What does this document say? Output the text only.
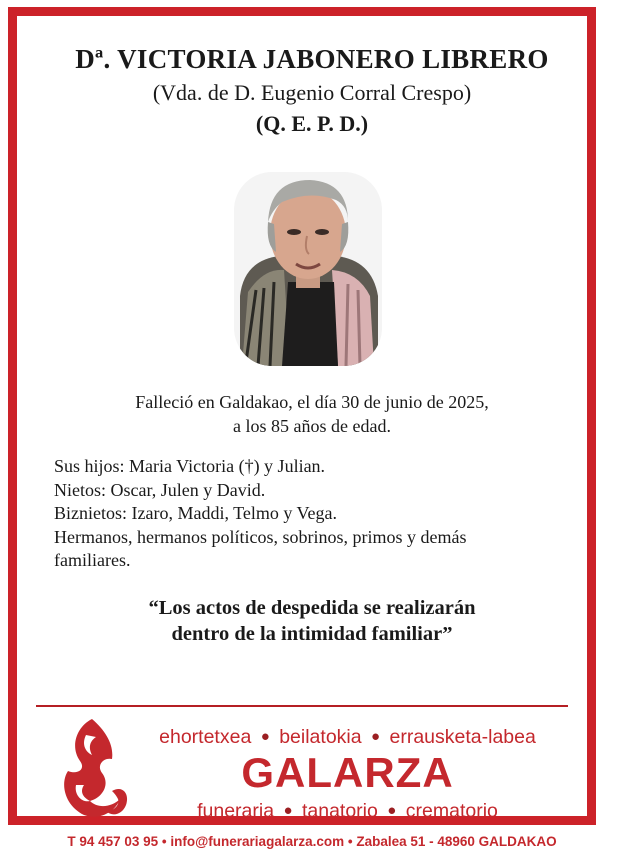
Dª. VICTORIA JABONERO LIBRERO
(Vda. de D. Eugenio Corral Crespo)
(Q. E. P. D.)
Falleció en Galdakao, el día 30 de junio de 2025,
a los 85 años de edad.
Sus hijos: Maria Victoria (†) y Julian.
Nietos: Oscar, Julen y David.
Biznietos: Izaro, Maddi, Telmo y Vega.
Hermanos, hermanos políticos, sobrinos, primos y demás
familiares.
“Los actos de despedida se realizarán
dentro de la intimidad familiar”
ehortetxea ● beilatokia ● errausketa-labea
GALARZA
funeraria ● tanatorio ● crematorio
T 94 457 03 95 • info@funerariagalarza.com • Zabalea 51 - 48960 GALDAKAO
